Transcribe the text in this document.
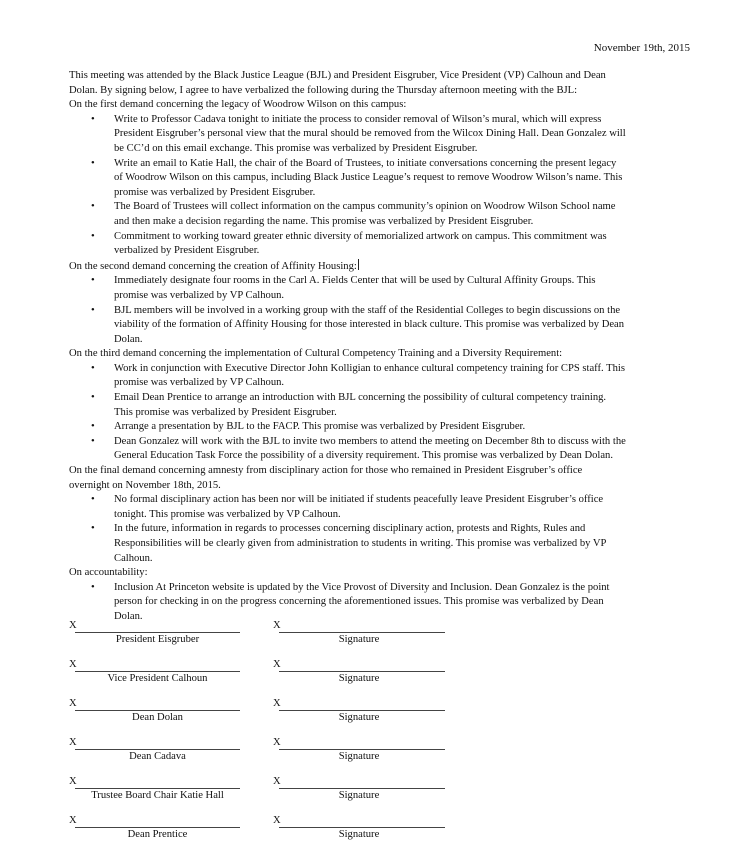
November 19th, 2015
This meeting was attended by the Black Justice League (BJL) and President Eisgruber, Vice President (VP) Calhoun and Dean
Dolan. By signing below, I agree to have verbalized the following during the Thursday afternoon meeting with the BJL:
On the first demand concerning the legacy of Woodrow Wilson on this campus:
• Write to Professor Cadava tonight to initiate the process to consider removal of Wilson’s mural, which will express
President Eisgruber’s personal view that the mural should be removed from the Wilcox Dining Hall. Dean Gonzalez will
be CC’d on this email exchange. This promise was verbalized by President Eisgruber.
• Write an email to Katie Hall, the chair of the Board of Trustees, to initiate conversations concerning the present legacy
of Woodrow Wilson on this campus, including Black Justice League’s request to remove Woodrow Wilson’s name. This
promise was verbalized by President Eisgruber.
• The Board of Trustees will collect information on the campus community’s opinion on Woodrow Wilson School name
and then make a decision regarding the name. This promise was verbalized by President Eisgruber.
• Commitment to working toward greater ethnic diversity of memorialized artwork on campus. This commitment was
verbalized by President Eisgruber.
On the second demand concerning the creation of Affinity Housing:
• Immediately designate four rooms in the Carl A. Fields Center that will be used by Cultural Affinity Groups. This
promise was verbalized by VP Calhoun.
• BJL members will be involved in a working group with the staff of the Residential Colleges to begin discussions on the
viability of the formation of Affinity Housing for those interested in black culture. This promise was verbalized by Dean
Dolan.
On the third demand concerning the implementation of Cultural Competency Training and a Diversity Requirement:
• Work in conjunction with Executive Director John Kolligian to enhance cultural competency training for CPS staff. This
promise was verbalized by VP Calhoun.
• Email Dean Prentice to arrange an introduction with BJL concerning the possibility of cultural competency training.
This promise was verbalized by President Eisgruber.
• Arrange a presentation by BJL to the FACP. This promise was verbalized by President Eisgruber.
• Dean Gonzalez will work with the BJL to invite two members to attend the meeting on December 8th to discuss with the
General Education Task Force the possibility of a diversity requirement. This promise was verbalized by Dean Dolan.
On the final demand concerning amnesty from disciplinary action for those who remained in President Eisgruber’s office
overnight on November 18th, 2015.
• No formal disciplinary action has been nor will be initiated if students peacefully leave President Eisgruber’s office
tonight. This promise was verbalized by VP Calhoun.
• In the future, information in regards to processes concerning disciplinary action, protests and Rights, Rules and
Responsibilities will be clearly given from administration to students in writing. This promise was verbalized by VP
Calhoun.
On accountability:
• Inclusion At Princeton website is updated by the Vice Provost of Diversity and Inclusion. Dean Gonzalez is the point
person for checking in on the progress concerning the aforementioned issues. This promise was verbalized by Dean
Dolan.
X
President Eisgruber
X
Signature
X
Vice President Calhoun
X
Signature
X
Dean Dolan
X
Signature
X
Dean Cadava
X
Signature
X
Trustee Board Chair Katie Hall
X
Signature
X
Dean Prentice
X
Signature
